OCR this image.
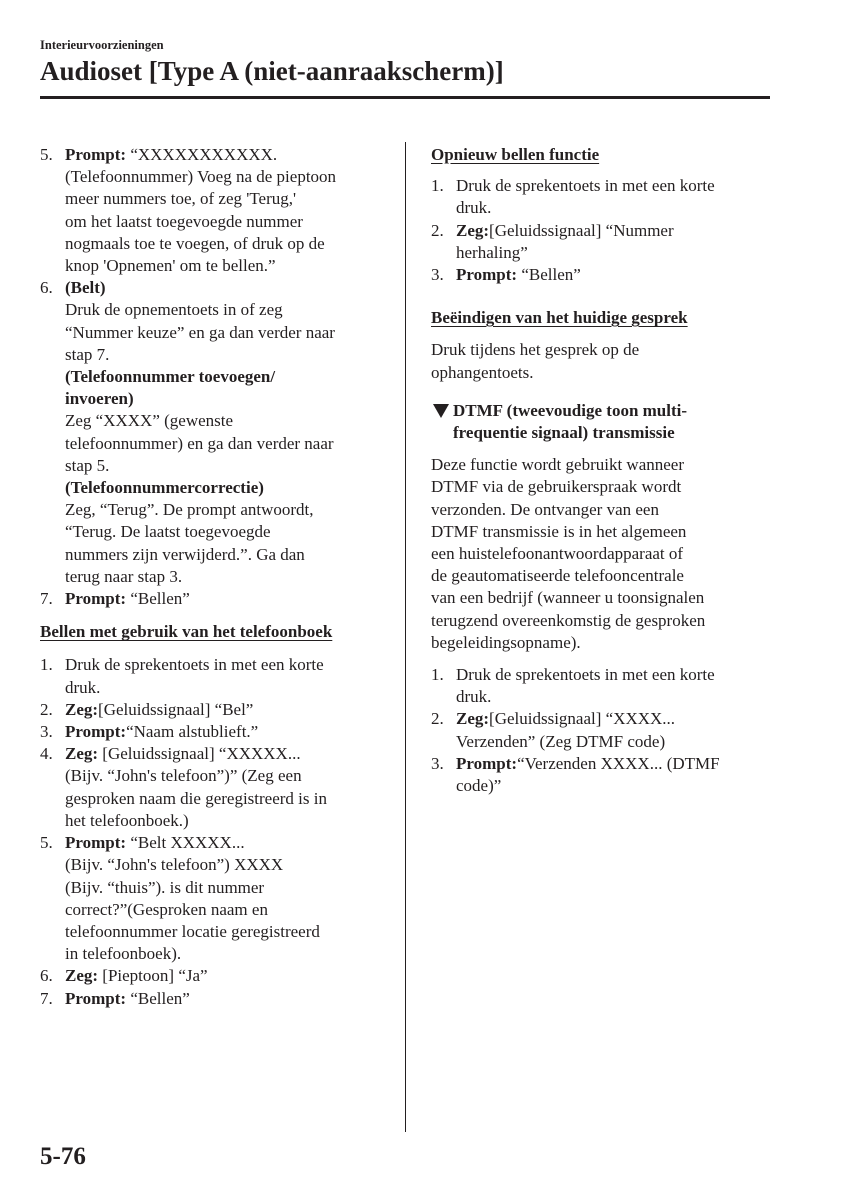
Interieurvoorzieningen
Audioset [Type A (niet-aanraakscherm)]
5. Prompt: “XXXXXXXXXXX.
(Telefoonnummer) Voeg na de pieptoon
meer nummers toe, of zeg 'Terug,'
om het laatst toegevoegde nummer
nogmaals toe te voegen, of druk op de
knop 'Opnemen' om te bellen.”
6. (Belt)
Druk de opnementoets in of zeg
“Nummer keuze” en ga dan verder naar
stap 7.
(Telefoonnummer toevoegen/
invoeren)
Zeg “XXXX” (gewenste
telefoonnummer) en ga dan verder naar
stap 5.
(Telefoonnummercorrectie)
Zeg, “Terug”. De prompt antwoordt,
“Terug. De laatst toegevoegde
nummers zijn verwijderd.”. Ga dan
terug naar stap 3.
7. Prompt: “Bellen”
Bellen met gebruik van het telefoonboek
1. Druk de sprekentoets in met een korte
druk.
2. Zeg:[Geluidssignaal] “Bel”
3. Prompt:“Naam alstublieft.”
4. Zeg: [Geluidssignaal] “XXXXX...
(Bijv. “John's telefoon”)” (Zeg een
gesproken naam die geregistreerd is in
het telefoonboek.)
5. Prompt: “Belt XXXXX...
(Bijv. “John's telefoon”) XXXX
(Bijv. “thuis”). is dit nummer
correct?”(Gesproken naam en
telefoonnummer locatie geregistreerd
in telefoonboek).
6. Zeg: [Pieptoon] “Ja”
7. Prompt: “Bellen”
Opnieuw bellen functie
1. Druk de sprekentoets in met een korte
druk.
2. Zeg:[Geluidssignaal] “Nummer
herhaling”
3. Prompt: “Bellen”
Beëindigen van het huidige gesprek
Druk tijdens het gesprek op de
ophangentoets.
DTMF (tweevoudige toon multi-
frequentie signaal) transmissie
Deze functie wordt gebruikt wanneer
DTMF via de gebruikerspraak wordt
verzonden. De ontvanger van een
DTMF transmissie is in het algemeen
een huistelefoonantwoordapparaat of
de geautomatiseerde telefooncentrale
van een bedrijf (wanneer u toonsignalen
terugzend overeenkomstig de gesproken
begeleidingsopname).
1. Druk de sprekentoets in met een korte
druk.
2. Zeg:[Geluidssignaal] “XXXX...
Verzenden” (Zeg DTMF code)
3. Prompt:“Verzenden XXXX... (DTMF
code)”
5-76
